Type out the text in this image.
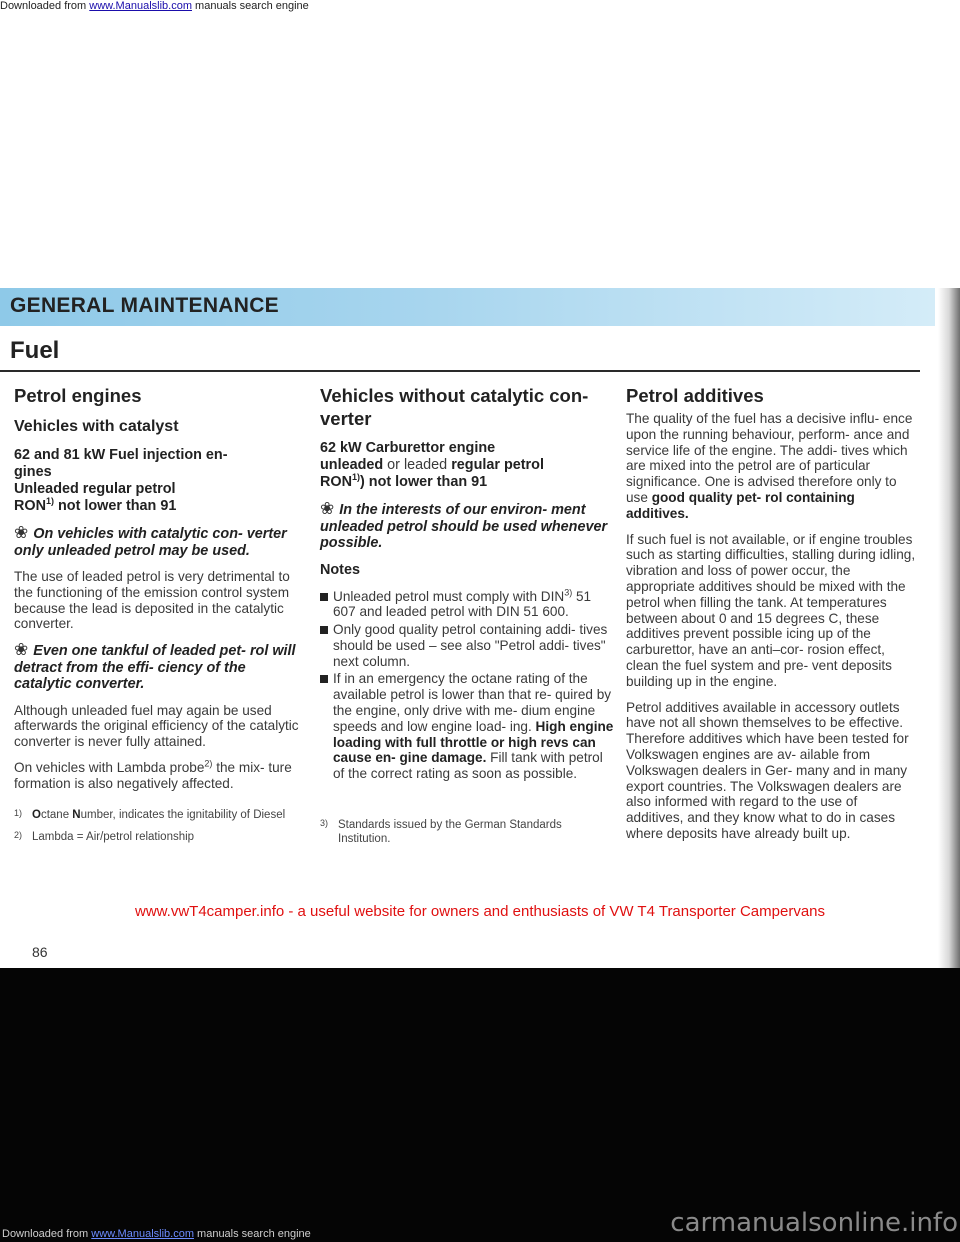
Downloaded from www.Manualslib.com manuals search engine
GENERAL MAINTENANCE
Fuel
Petrol engines
Vehicles with catalyst
62 and 81 kW Fuel injection en-
gines
Unleaded regular petrol
RON$^{1)}$ not lower than 91
❀ On vehicles with catalytic con- verter only unleaded petrol may be used.
The use of leaded petrol is very detrimental to the functioning of the emission control system because the lead is deposited in the catalytic converter.
❀ Even one tankful of leaded pet- rol will detract from the effi- ciency of the catalytic converter.
Although unleaded fuel may again be used afterwards the original efficiency of the catalytic converter is never fully attained.
On vehicles with Lambda probe$^{2)}$ the mix- ture formation is also negatively affected.
1) Octane Number, indicates the ignitability of Diesel
2) Lambda = Air/petrol relationship
Vehicles without catalytic con- verter
62 kW Carburettor engine
unleaded or leaded regular petrol
RON$^{1)}$) not lower than 91
❀ In the interests of our environ- ment unleaded petrol should be used whenever possible.
Notes
Unleaded petrol must comply with DIN$^{3)}$ 51 607 and leaded petrol with DIN 51 600.
Only good quality petrol containing addi- tives should be used – see also "Petrol addi- tives" next column.
If in an emergency the octane rating of the available petrol is lower than that re- quired by the engine, only drive with me- dium engine speeds and low engine load- ing. High engine loading with full throttle or high revs can cause en- gine damage. Fill tank with petrol of the correct rating as soon as possible.
3) Standards issued by the German Standards Institution.
Petrol additives
The quality of the fuel has a decisive influ- ence upon the running behaviour, perform- ance and service life of the engine. The addi- tives which are mixed into the petrol are of particular significance. One is advised therefore only to use good quality pet- rol containing additives.
If such fuel is not available, or if engine troubles such as starting difficulties, stalling during idling, vibration and loss of power occur, the appropriate additives should be mixed with the petrol when filling the tank. At temperatures between about 0 and 15 degrees C, these additives prevent possible icing up of the carburettor, have an anti–cor- rosion effect, clean the fuel system and pre- vent deposits building up in the engine.
Petrol additives available in accessory outlets have not all shown themselves to be effective. Therefore additives which have been tested for Volkswagen engines are av- ailable from Volkswagen dealers in Ger- many and in many export countries. The Volkswagen dealers are also informed with regard to the use of additives, and they know what to do in cases where deposits have already built up.
www.vwT4camper.info - a useful website for owners and enthusiasts of VW T4 Transporter Campervans
86
carmanualsonline.info
Downloaded from www.Manualslib.com manuals search engine
